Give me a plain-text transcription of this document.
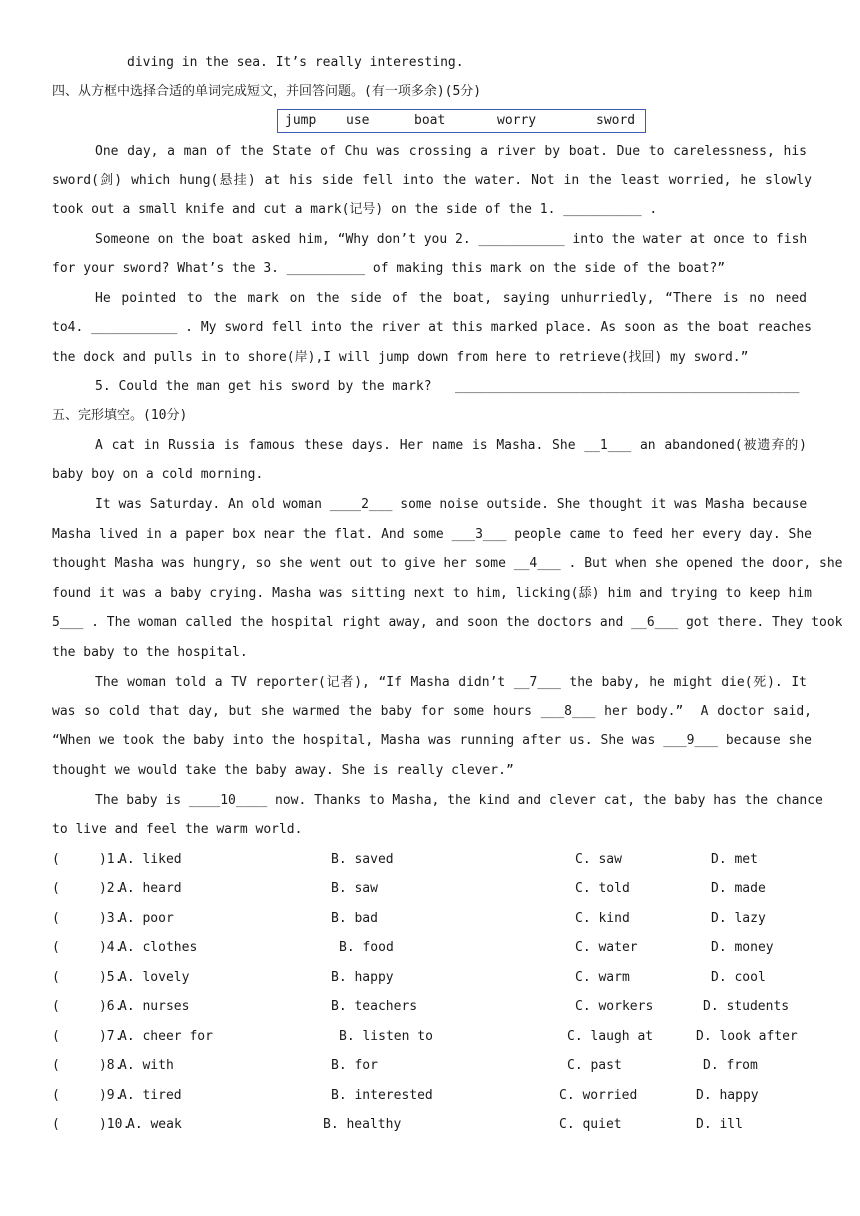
diving in the sea. It’s really interesting.
四、从方框中选择合适的单词完成短文，并回答问题。(有一项多余)(5分)
jump use	boat	worry	sword
One day, a man of the State of Chu was crossing a river by boat. Due to carelessness, his
sword(剑) which hung(悬挂) at his side fell into the water. Not in the least worried, he slowly
took out a small knife and cut a mark(记号) on the side of the 1. __________ .
Someone on the boat asked him, “Why don’t you 2. ___________ into the water at once to fish
for your sword? What’s the 3. __________ of making this mark on the side of the boat?”
He pointed to the mark on the side of the boat, saying unhurriedly, “There is no need
to4. ___________ . My sword fell into the river at this marked place. As soon as the boat reaches
the dock and pulls in to shore(岸),I will jump down from here to retrieve(找回) my sword.”
5. Could the man get his sword by the mark?   ____________________________________________
五、完形填空。(10分)
A cat in Russia is famous these days. Her name is Masha. She __1___ an abandoned(被遗弃的)
baby boy on a cold morning.
It was Saturday. An old woman ____2___ some noise outside. She thought it was Masha because
Masha lived in a paper box near the flat. And some ___3___ people came to feed her every day. She
thought Masha was hungry, so she went out to give her some __4___ . But when she opened the door, she
found it was a baby crying. Masha was sitting next to him, licking(舔) him and trying to keep him
5___ . The woman called the hospital right away, and soon the doctors and __6___ got there. They took
the baby to the hospital.
The woman told a TV reporter(记者), “If Masha didn’t __7___ the baby, he might die(死). It
was so cold that day, but she warmed the baby for some hours ___8___ her body.”  A doctor said,
“When we took the baby into the hospital, Masha was running after us. She was ___9___ because she
thought we would take the baby away. She is really clever.”
The baby is ____10____ now. Thanks to Masha, the kind and clever cat, the baby has the chance
to live and feel the warm world.
(     )1.
A. liked	B. saved	C. saw	D. met
(     )2.
A. heard	B. saw	C. told	D. made
(     )3.
A. poor	B. bad	C. kind	D. lazy
(     )4.
A. clothes	B. food	C. water	D. money
(     )5.
A. lovely	B. happy	C. warm	D. cool
(     )6.
A. nurses	B. teachers	C. workers	D. students
(     )7.
A. cheer for	B. listen to	C. laugh at	D. look after
(     )8.
A. with	B. for	C. past	D. from
(     )9.
A. tired	B. interested	C. worried	D. happy
(     )10.
A. weak	B. healthy	C. quiet	D. ill
